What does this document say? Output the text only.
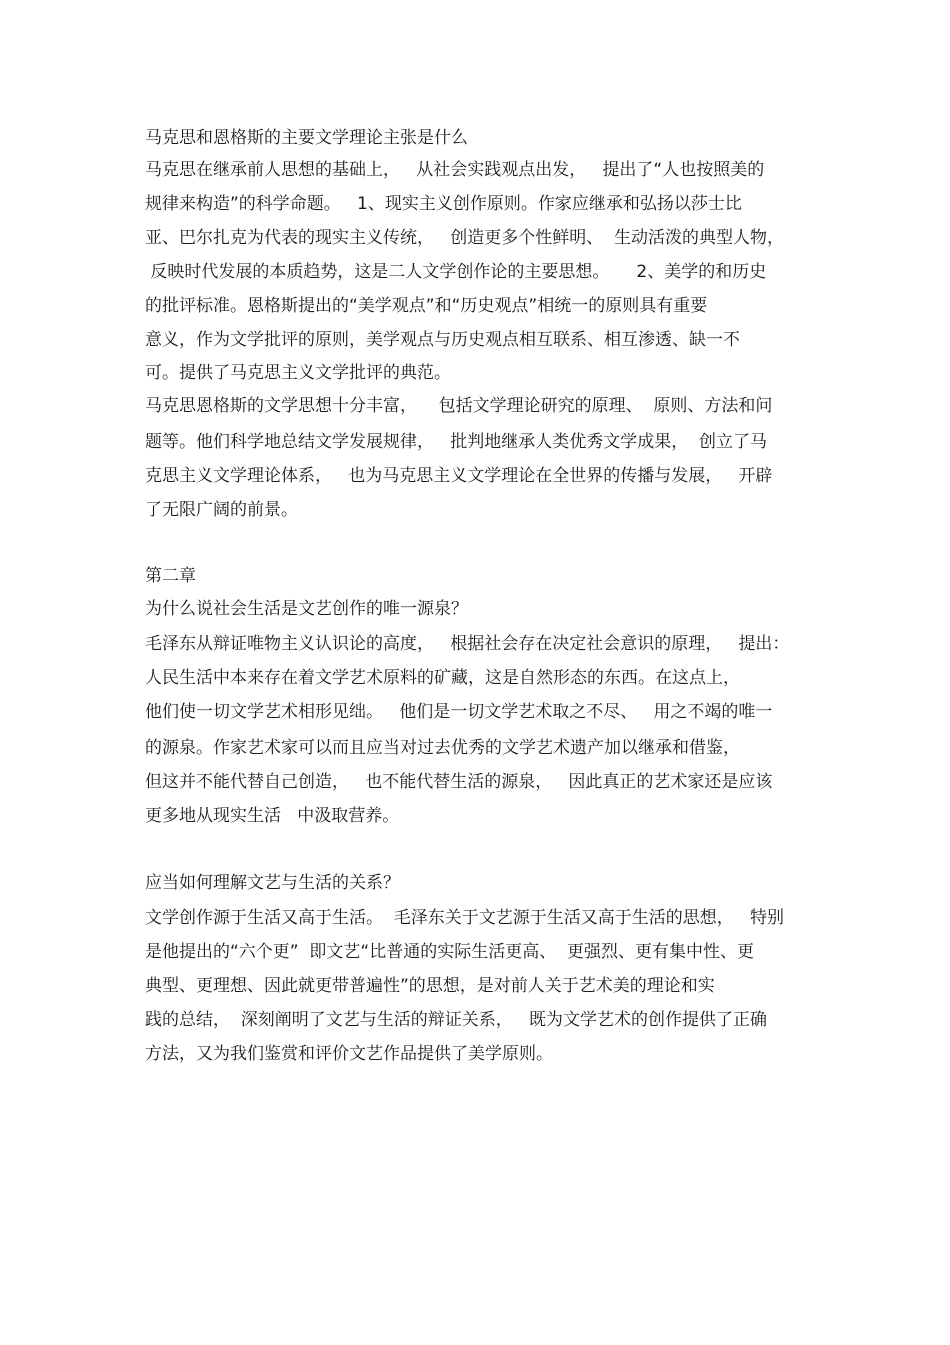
马克思和恩格斯的主要文学理论主张是什么
马克思在继承前人思想的基础上，   从社会实践观点出发，   提出了“人也按照美的
规律来构造”的科学命题。   1、现实主义创作原则。作家应继承和弘扬以莎士比
亚、巴尔扎克为代表的现实主义传统，   创造更多个性鲜明、  生动活泼的典型人物，
反映时代发展的本质趋势，这是二人文学创作论的主要思想。     2、美学的和历史
的批评标准。恩格斯提出的“美学观点”和“历史观点”相统一的原则具有重要
意义，作为文学批评的原则，美学观点与历史观点相互联系、相互渗透、缺一不
可。提供了马克思主义文学批评的典范。
马克思恩格斯的文学思想十分丰富，    包括文学理论研究的原理、  原则、方法和问
题等。他们科学地总结文学发展规律，   批判地继承人类优秀文学成果，  创立了马
克思主义文学理论体系，   也为马克思主义文学理论在全世界的传播与发展，   开辟
了无限广阔的前景。
第二章
为什么说社会生活是文艺创作的唯一源泉？
毛泽东从辩证唯物主义认识论的高度，   根据社会存在决定社会意识的原理，   提出：
人民生活中本来存在着文学艺术原料的矿藏，这是自然形态的东西。在这点上，
他们使一切文学艺术相形见绌。   他们是一切文学艺术取之不尽、   用之不竭的唯一
的源泉。作家艺术家可以而且应当对过去优秀的文学艺术遗产加以继承和借鉴，
但这并不能代替自己创造，   也不能代替生活的源泉，   因此真正的艺术家还是应该
更多地从现实生活   中汲取营养。
应当如何理解文艺与生活的关系？
文学创作源于生活又高于生活。  毛泽东关于文艺源于生活又高于生活的思想，   特别
是他提出的“六个更”  即文艺“比普通的实际生活更高、  更强烈、更有集中性、更
典型、更理想、因此就更带普遍性”的思想，是对前人关于艺术美的理论和实
践的总结，  深刻阐明了文艺与生活的辩证关系，   既为文学艺术的创作提供了正确
方法，又为我们鉴赏和评价文艺作品提供了美学原则。
